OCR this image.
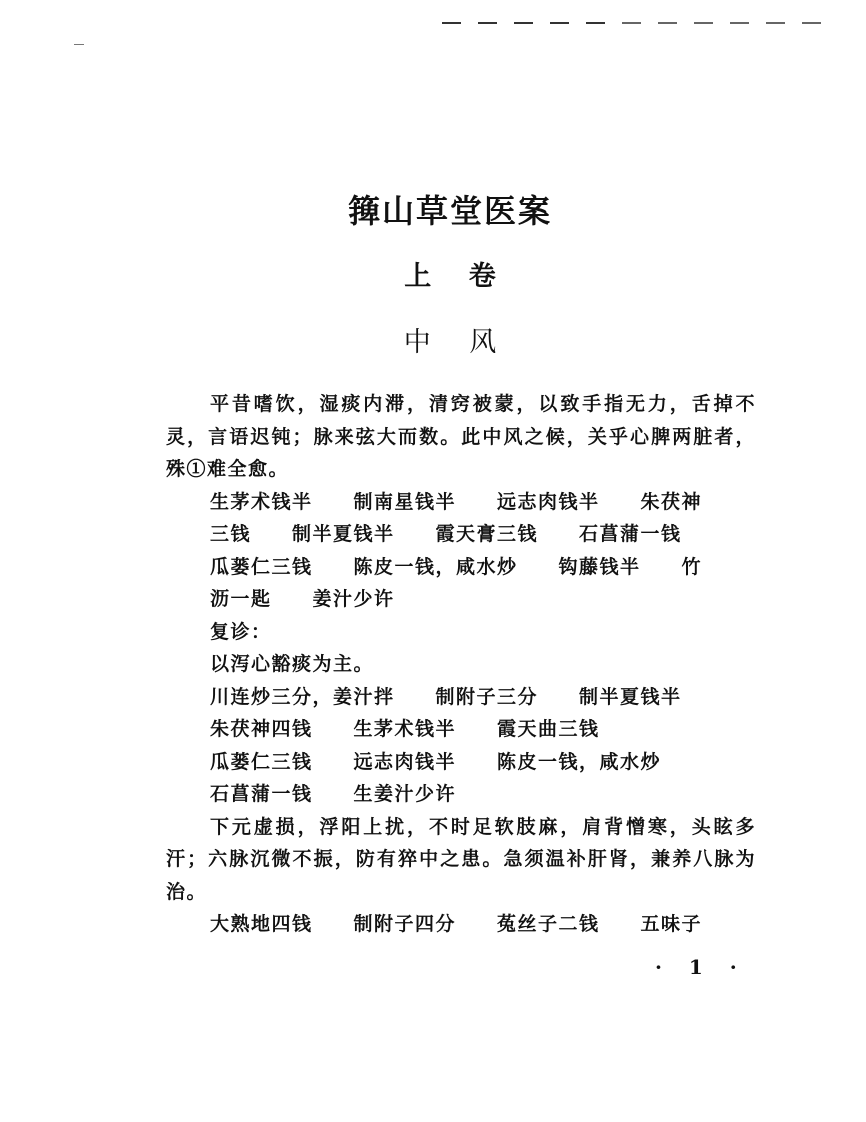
篺山草堂医案
上 卷
中 风
平昔嗜饮，湿痰内滞，清窍被蒙，以致手指无力，舌掉不灵，言语迟钝；脉来弦大而数。此中风之候，关乎心脾两脏者，殊①难全愈。
生茅术钱半　　制南星钱半　　远志肉钱半　　朱茯神
三钱　　制半夏钱半　　霞天膏三钱　　石菖蒲一钱
瓜蒌仁三钱　　陈皮一钱，咸水炒　　钩藤钱半　　竹
沥一匙　　姜汁少许
复诊：
以泻心豁痰为主。
川连炒三分，姜汁拌　　制附子三分　　制半夏钱半
朱茯神四钱　　生茅术钱半　　霞天曲三钱
瓜蒌仁三钱　　远志肉钱半　　陈皮一钱，咸水炒
石菖蒲一钱　　生姜汁少许
下元虚损，浮阳上扰，不时足软肢麻，肩背憎寒，头眩多汗；六脉沉微不振，防有猝中之患。急须温补肝肾，兼养八脉为治。
大熟地四钱　　制附子四分　　菟丝子二钱　　五味子
· 1 ·
